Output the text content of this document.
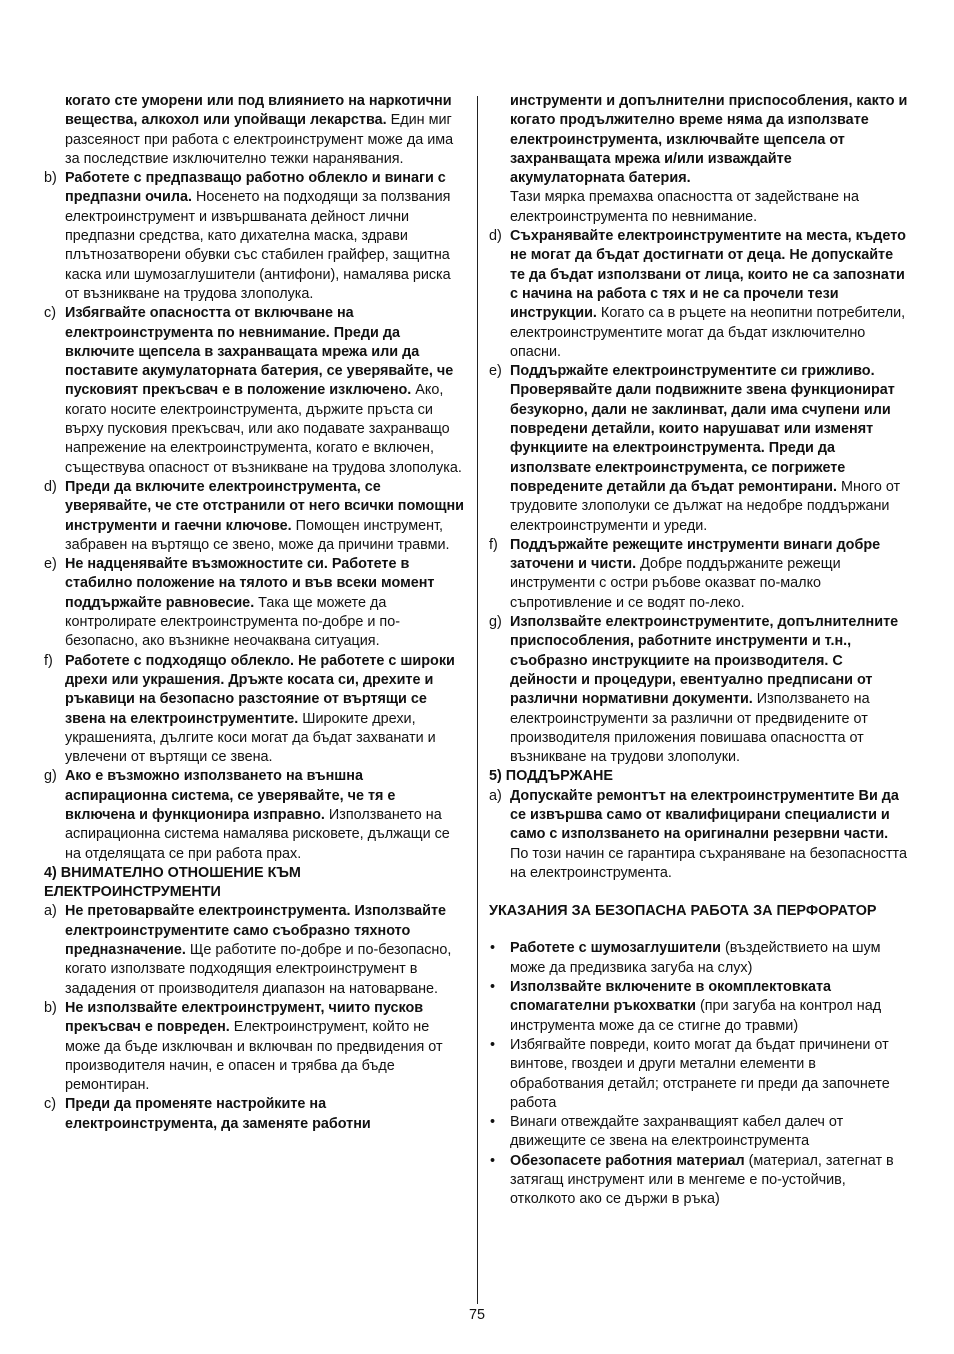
когато сте уморени или под влиянието на наркотични вещества, алкохол или упойващи лекарства. Един миг разсеяност при работа с електроинструмент може да има за последствие изключително тежки наранявания.
b) Работете с предпазващо работно облекло и винаги с предпазни очила. Носенето на подходящи за ползвания електроинструмент и извършваната дейност лични предпазни средства, като дихателна маска, здрави плътнозатворени обувки със стабилен грайфер, защитна каска или шумозаглушители (антифони), намалява риска от възникване на трудова злополука.
c) Избягвайте опасността от включване на електроинструмента по невнимание. Преди да включите щепсела в захранващата мрежа или да поставите акумулаторната батерия, се уверявайте, че пусковият прекъсвач е в положение изключено. Ако, когато носите електроинструмента, държите пръста си върху пусковия прекъсвач, или ако подавате захранващо напрежение на електроинструмента, когато е включен, съществува опасност от възникване на трудова злополука.
d) Преди да включите електроинструмента, се уверявайте, че сте отстранили от него всички помощни инструменти и гаечни ключове. Помощен инструмент, забравен на въртящо се звено, може да причини травми.
e) Не надценявайте възможностите си. Работете в стабилно положение на тялото и във всеки момент поддържайте равновесие. Така ще можете да контролирате електроинструмента по-добре и по-безопасно, ако възникне неочаквана ситуация.
f) Работете с подходящо облекло. Не работете с широки дрехи или украшения. Дръжте косата си, дрехите и ръкавици на безопасно разстояние от въртящи се звена на електроинструментите. Широките дрехи, украшенията, дългите коси могат да бъдат захванати и увлечени от въртящи се звена.
g) Ако е възможно използването на външна аспирационна система, се уверявайте, че тя е включена и функционира изправно. Използването на аспирационна система намалява рисковете, дължащи се на отделящата се при работа прах.
4) ВНИМАТЕЛНО ОТНОШЕНИЕ КЪМ ЕЛЕКТРОИНСТРУМЕНТИ
a) Не претоварвайте електроинструмента. Използвайте електроинструментите само съобразно тяхното предназначение. Ще работите по-добре и по-безопасно, когато използвате подходящия електроинструмент в зададения от производителя диапазон на натоварване.
b) Не използвайте електроинструмент, чиито пусков прекъсвач е повреден. Електроинструмент, който не може да бъде изключван и включван по предвидения от производителя начин, е опасен и трябва да бъде ремонтиран.
c) Преди да променяте настройките на електроинструмента, да заменяте работни
инструменти и допълнителни приспособления, както и когато продължително време няма да използвате електроинструмента, изключвайте щепсела от захранващата мрежа и/или изваждайте акумулаторната батерия.
Тази мярка премахва опасността от задействане на електроинструмента по невнимание.
d) Съхранявайте електроинструментите на места, където не могат да бъдат достигнати от деца. Не допускайте те да бъдат използвани от лица, които не са запознати с начина на работа с тях и не са прочели тези инструкции. Когато са в ръцете на неопитни потребители, електроинструментите могат да бъдат изключително опасни.
e) Поддържайте електроинструментите си грижливо. Проверявайте дали подвижните звена функционират безукорно, дали не заклинват, дали има счупени или повредени детайли, които нарушават или изменят функциите на електроинструмента. Преди да използвате електроинструмента, се погрижете повредените детайли да бъдат ремонтирани. Много от трудовите злополуки се дължат на недобре поддържани електроинструменти и уреди.
f) Поддържайте режещите инструменти винаги добре заточени и чисти. Добре поддържаните режещи инструменти с остри ръбове оказват по-малко съпротивление и се водят по-леко.
g) Използвайте електроинструментите, допълнителните приспособления, работните инструменти и т.н., съобразно инструкциите на производителя. С дейности и процедури, евентуално предписани от различни нормативни документи. Използването на електроинструменти за различни от предвидените от производителя приложения повишава опасността от възникване на трудови злополуки.
5) ПОДДЪРЖАНЕ
a) Допускайте ремонтът на електроинструментите Ви да се извършва само от квалифицирани специалисти и само с използването на оригинални резервни части. По този начин се гарантира съхраняване на безопасността на електроинструмента.
УКАЗАНИЯ ЗА БЕЗОПАСНА РАБОТА ЗА ПЕРФОРАТОР
• Работете с шумозаглушители (въздействието на шум може да предизвика загуба на слух)
• Използвайте включените в окомплектовката спомагателни ръкохватки (при загуба на контрол над инструмента може да се стигне до травми)
• Избягвайте повреди, които могат да бъдат причинени от винтове, гвоздеи и други метални елементи в обработвания детайл; отстранете ги преди да започнете работа
• Винаги отвеждайте захранващият кабел далеч от движещите се звена на електроинструмента
• Обезопасете работния материал (материал, затегнат в затягащ инструмент или в менгеме е по-устойчив, отколкото ако се държи в ръка)
75
